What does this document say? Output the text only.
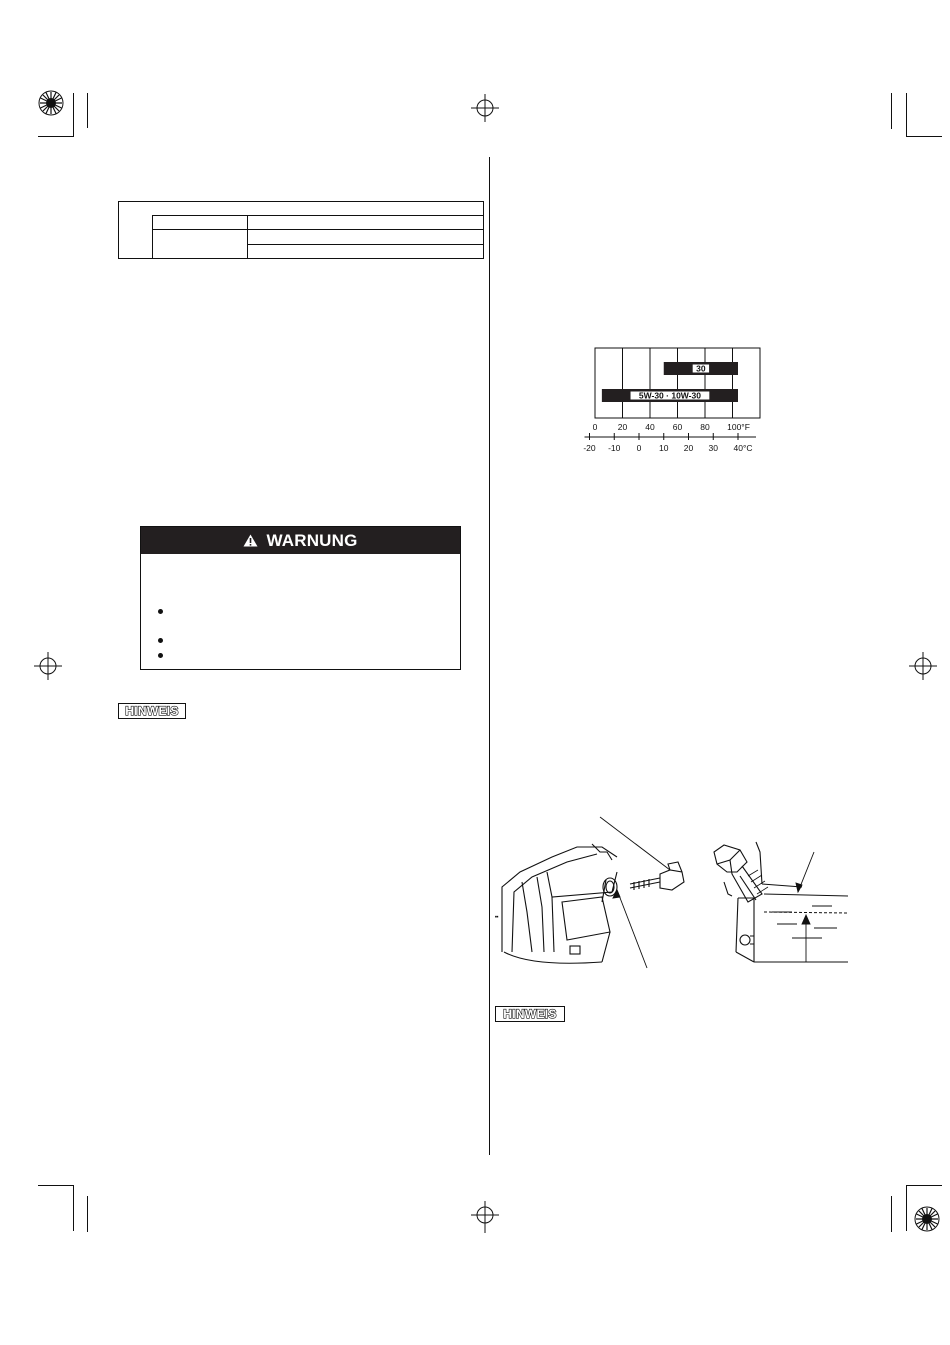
WARNUNG
HINWEIS
HINWEIS
30
5W-30 · 10W-30
0 20 40 60 80 100°F
-20 -10 0 10 20 30 40°C
..
